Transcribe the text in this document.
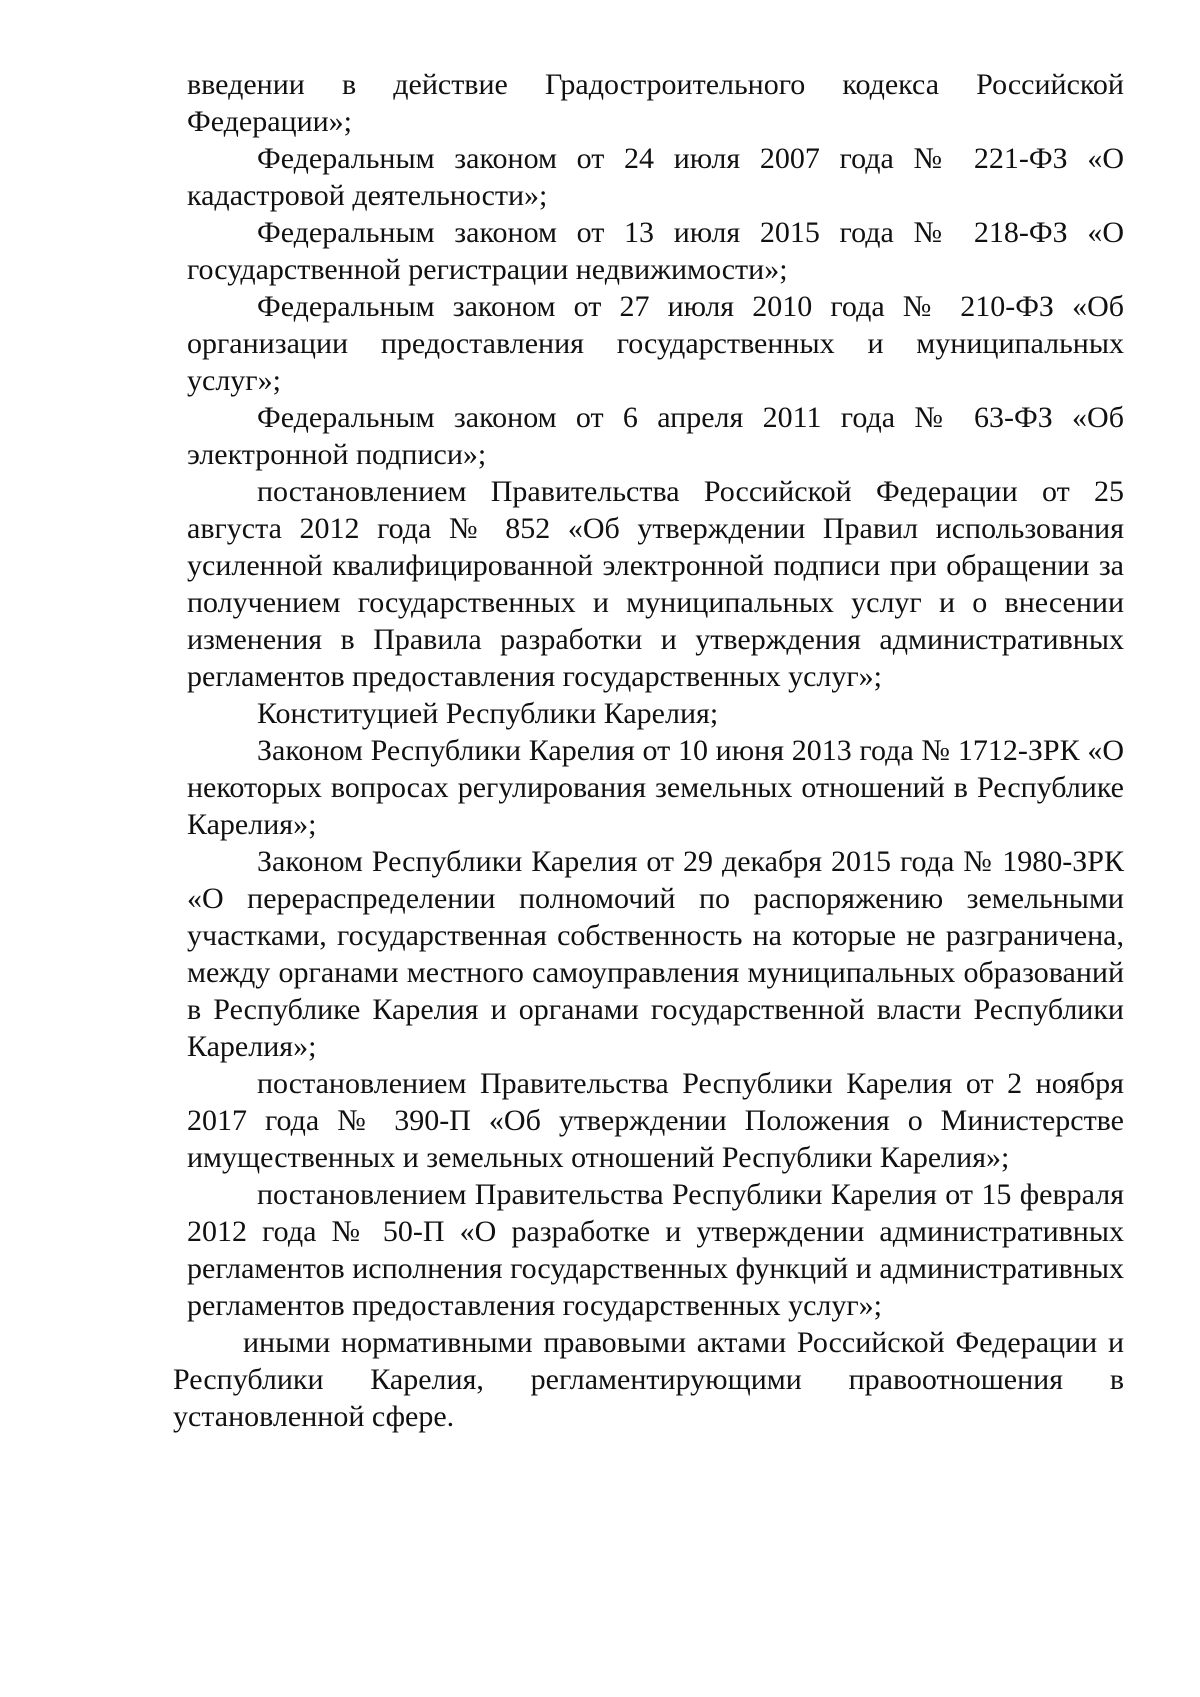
введении в действие Градостроительного кодекса Российской Федерации»;

Федеральным законом от 24 июля 2007 года № 221-ФЗ «О кадастровой деятельности»;

Федеральным законом от 13 июля 2015 года № 218-ФЗ «О государственной регистрации недвижимости»;

Федеральным законом от 27 июля 2010 года № 210-ФЗ «Об организации предоставления государственных и муниципальных услуг»;

Федеральным законом от 6 апреля 2011 года № 63-ФЗ «Об электронной подписи»;

постановлением Правительства Российской Федерации от 25 августа 2012 года № 852 «Об утверждении Правил использования усиленной квалифицированной электронной подписи при обращении за получением государственных и муниципальных услуг и о внесении изменения в Правила разработки и утверждения административных регламентов предоставления государственных услуг»;

Конституцией Республики Карелия;

Законом Республики Карелия от 10 июня 2013 года № 1712-ЗРК «О некоторых вопросах регулирования земельных отношений в Республике Карелия»;

Законом Республики Карелия от 29 декабря 2015 года № 1980-ЗРК «О перераспределении полномочий по распоряжению земельными участками, государственная собственность на которые не разграничена, между органами местного самоуправления муниципальных образований в Республике Карелия и органами государственной власти Республики Карелия»;

постановлением Правительства Республики Карелия от 2 ноября 2017 года № 390-П «Об утверждении Положения о Министерстве имущественных и земельных отношений Республики Карелия»;

постановлением Правительства Республики Карелия от 15 февраля 2012 года № 50-П «О разработке и утверждении административных регламентов исполнения государственных функций и административных регламентов предоставления государственных услуг»;

иными нормативными правовыми актами Российской Федерации и Республики Карелия, регламентирующими правоотношения в установленной сфере.
